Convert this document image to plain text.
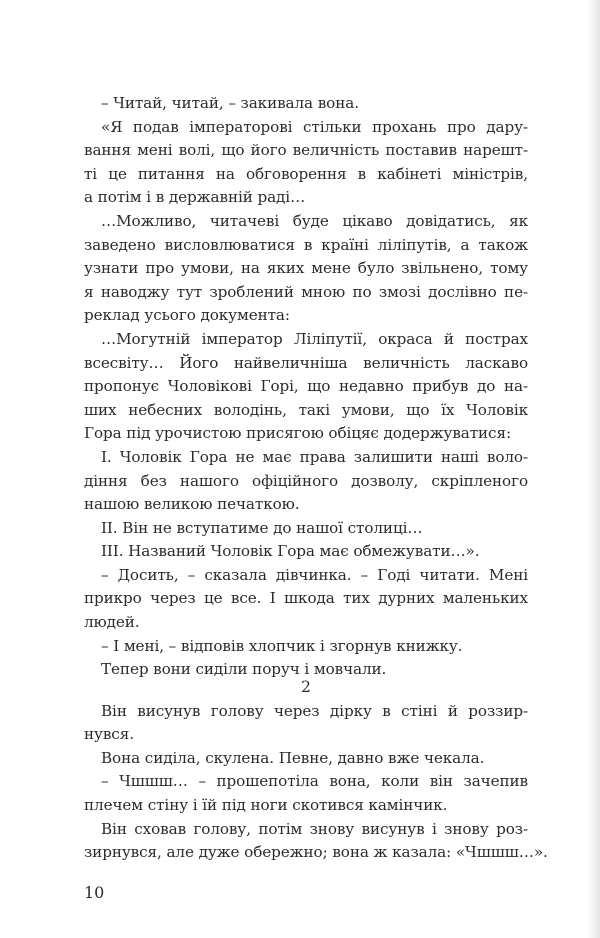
– Читай, читай, – закивала вона.
«Я подав імператорові стільки прохань про дару-
вання мені волі, що його величність поставив нарешт-
ті це питання на обговорення в кабінеті міністрів,
а потім і в державній раді…
…Можливо, читачеві буде цікаво довідатись, як
заведено висловлюватися в країні ліліпутів, а також
узнати про умови, на яких мене було звільнено, тому
я наводжу тут зроблений мною по змозі дослівно пе-
реклад усього документа:
…Могутній імператор Ліліпутії, окраса й пострах
всесвіту… Його найвеличніша величність ласкаво
пропонує Чоловікові Горі, що недавно прибув до на-
ших небесних володінь, такі умови, що їх Чоловік
Гора під урочистою присягою обіцяє додержуватися:
І. Чоловік Гора не має права залишити наші воло-
діння без нашого офіційного дозволу, скріпленого
нашою великою печаткою.
ІІ. Він не вступатиме до нашої столиці…
ІІІ. Названий Чоловік Гора має обмежувати…».
– Досить, – сказала дівчинка. – Годі читати. Мені
прикро через це все. І шкода тих дурних маленьких
людей.
– І мені, – відповів хлопчик і згорнув книжку.
Тепер вони сиділи поруч і мовчали.
2
Він висунув голову через дірку в стіні й роззир-
нувся.
Вона сиділа, скулена. Певне, давно вже чекала.
– Чшшш… – прошепотіла вона, коли він зачепив
плечем стіну і їй під ноги скотився камінчик.
Він сховав голову, потім знову висунув і знову роз-
зирнувся, але дуже обережно; вона ж казала: «Чшшш…».
10
